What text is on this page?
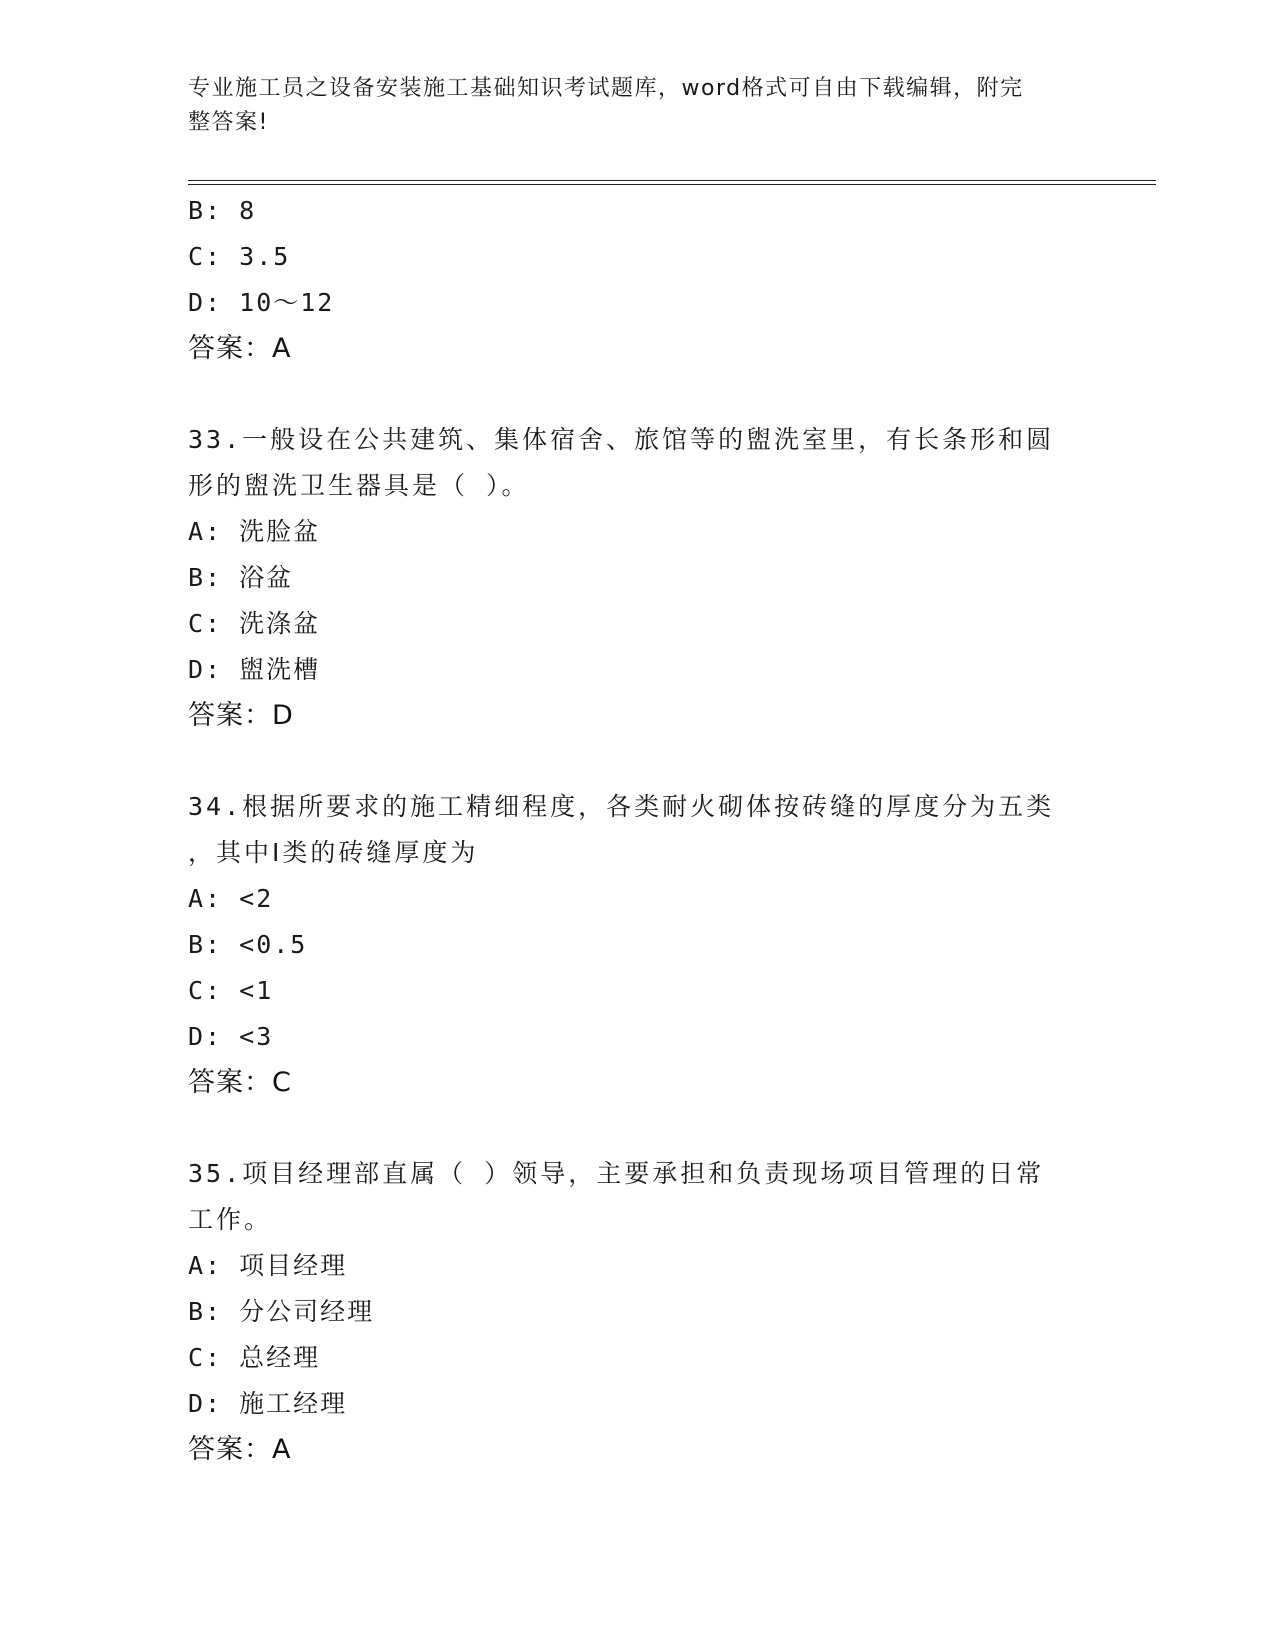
专业施工员之设备安装施工基础知识考试题库，word格式可自由下载编辑，附完
整答案!
B: 8
C: 3.5
D: 10～12
答案：A
33.一般设在公共建筑、集体宿舍、旅馆等的盥洗室里，有长条形和圆
形的盥洗卫生器具是（ ）。
A: 洗脸盆
B: 浴盆
C: 洗涤盆
D: 盥洗槽
答案：D
34.根据所要求的施工精细程度，各类耐火砌体按砖缝的厚度分为五类
，其中Ⅰ类的砖缝厚度为
A: <2
B: <0.5
C: <1
D: <3
答案：C
35.项目经理部直属（ ）领导，主要承担和负责现场项目管理的日常
工作。
A: 项目经理
B: 分公司经理
C: 总经理
D: 施工经理
答案：A
